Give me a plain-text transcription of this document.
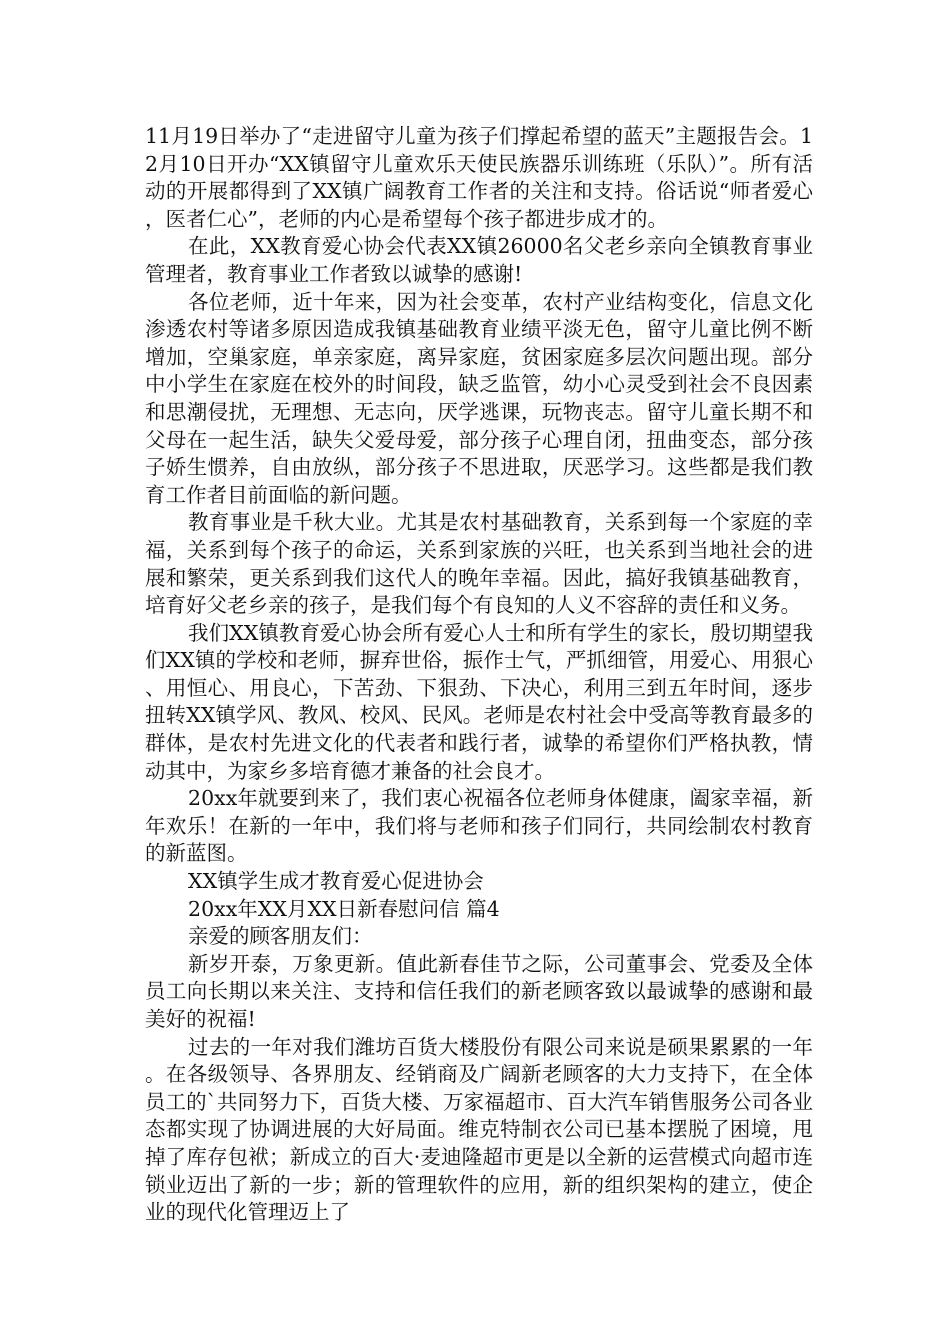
11月19日举办了“走进留守儿童为孩子们撑起希望的蓝天”主题报告会。12月10日开办“XX镇留守儿童欢乐天使民族器乐训练班（乐队）”。所有活动的开展都得到了XX镇广阔教育工作者的关注和支持。俗话说“师者爱心，医者仁心”，老师的内心是希望每个孩子都进步成才的。

在此，XX教育爱心协会代表XX镇26000名父老乡亲向全镇教育事业管理者，教育事业工作者致以诚挚的感谢!

各位老师，近十年来，因为社会变革，农村产业结构变化，信息文化渗透农村等诸多原因造成我镇基础教育业绩平淡无色，留守儿童比例不断增加，空巢家庭，单亲家庭，离异家庭，贫困家庭多层次问题出现。部分中小学生在家庭在校外的时间段，缺乏监管，幼小心灵受到社会不良因素和思潮侵扰，无理想、无志向，厌学逃课，玩物丧志。留守儿童长期不和父母在一起生活，缺失父爱母爱，部分孩子心理自闭，扭曲变态，部分孩子娇生惯养，自由放纵，部分孩子不思进取，厌恶学习。这些都是我们教育工作者目前面临的新问题。

教育事业是千秋大业。尤其是农村基础教育，关系到每一个家庭的幸福，关系到每个孩子的命运，关系到家族的兴旺，也关系到当地社会的进展和繁荣，更关系到我们这代人的晚年幸福。因此，搞好我镇基础教育，培育好父老乡亲的孩子，是我们每个有良知的人义不容辞的责任和义务。

我们XX镇教育爱心协会所有爱心人士和所有学生的家长，殷切期望我们XX镇的学校和老师，摒弃世俗，振作士气，严抓细管，用爱心、用狠心、用恒心、用良心，下苦劲、下狠劲、下决心，利用三到五年时间，逐步扭转XX镇学风、教风、校风、民风。老师是农村社会中受高等教育最多的群体，是农村先进文化的代表者和践行者，诚挚的希望你们严格执教，情动其中，为家乡多培育德才兼备的社会良才。

20xx年就要到来了，我们衷心祝福各位老师身体健康，阖家幸福，新年欢乐！在新的一年中，我们将与老师和孩子们同行，共同绘制农村教育的新蓝图。

XX镇学生成才教育爱心促进协会

20xx年XX月XX日新春慰问信 篇4

亲爱的顾客朋友们：

新岁开泰，万象更新。值此新春佳节之际，公司董事会、党委及全体员工向长期以来关注、支持和信任我们的新老顾客致以最诚挚的感谢和最美好的祝福!

过去的一年对我们潍坊百货大楼股份有限公司来说是硕果累累的一年。在各级领导、各界朋友、经销商及广阔新老顾客的大力支持下，在全体员工的`共同努力下，百货大楼、万家福超市、百大汽车销售服务公司各业态都实现了协调进展的大好局面。维克特制衣公司已基本摆脱了困境，甩掉了库存包袱；新成立的百大·麦迪隆超市更是以全新的运营模式向超市连锁业迈出了新的一步；新的管理软件的应用，新的组织架构的建立，使企业的现代化管理迈上了
